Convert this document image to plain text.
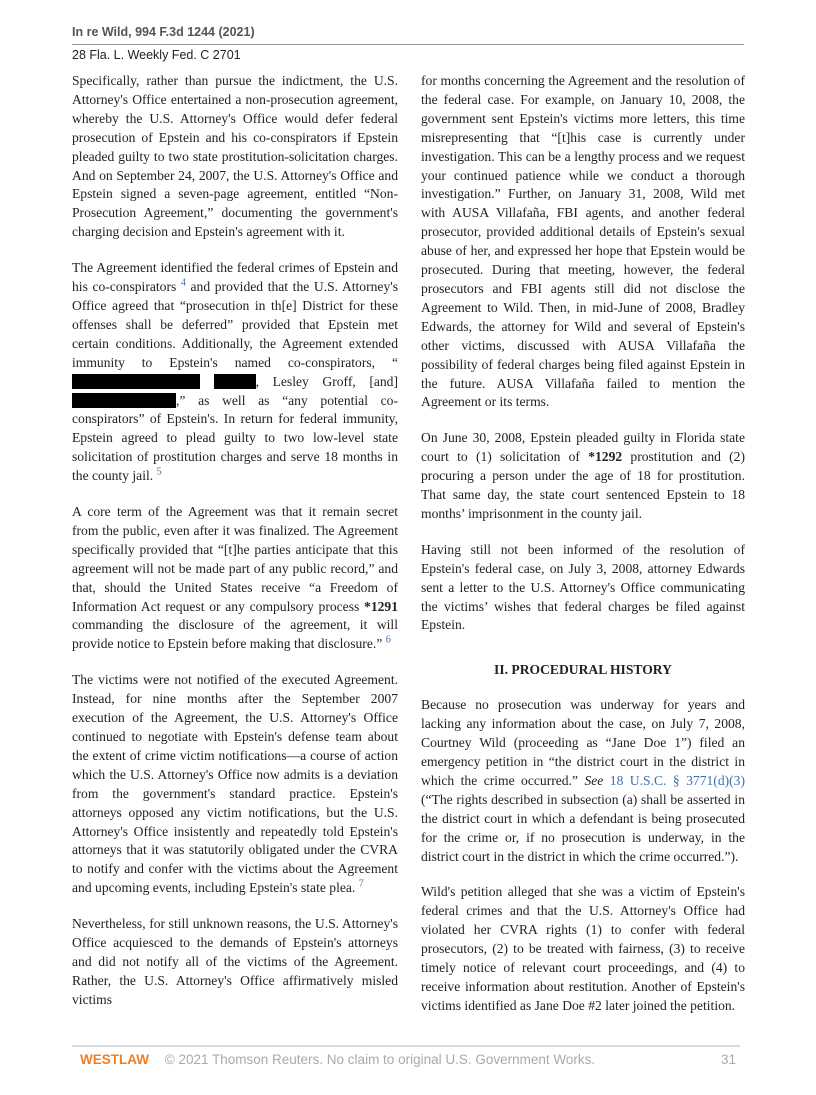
In re Wild, 994 F.3d 1244 (2021)
28 Fla. L. Weekly Fed. C 2701

Specifically, rather than pursue the indictment, the U.S. Attorney's Office entertained a non-prosecution agreement, whereby the U.S. Attorney's Office would defer federal prosecution of Epstein and his co-conspirators if Epstein pleaded guilty to two state prostitution-solicitation charges. And on September 24, 2007, the U.S. Attorney's Office and Epstein signed a seven-page agreement, entitled “Non-Prosecution Agreement,” documenting the government's charging decision and Epstein's agreement with it.

The Agreement identified the federal crimes of Epstein and his co-conspirators $^4$ and provided that the U.S. Attorney's Office agreed that “prosecution in th[e] District for these offenses shall be deferred” provided that Epstein met certain conditions. Additionally, the Agreement extended immunity to Epstein's named co-conspirators, “ , Lesley Groff, [and],” as well as “any potential co-conspirators” of Epstein's. In return for federal immunity, Epstein agreed to plead guilty to two low-level state solicitation of prostitution charges and serve 18 months in the county jail. $^5$

A core term of the Agreement was that it remain secret from the public, even after it was finalized. The Agreement specifically provided that “[t]he parties anticipate that this agreement will not be made part of any public record,” and that, should the United States receive “a Freedom of Information Act request or any compulsory process *1291 commanding the disclosure of the agreement, it will provide notice to Epstein before making that disclosure.” $^6$

The victims were not notified of the executed Agreement. Instead, for nine months after the September 2007 execution of the Agreement, the U.S. Attorney's Office continued to negotiate with Epstein's defense team about the extent of crime victim notifications—a course of action which the U.S. Attorney's Office now admits is a deviation from the government's standard practice. Epstein's attorneys opposed any victim notifications, but the U.S. Attorney's Office insistently and repeatedly told Epstein's attorneys that it was statutorily obligated under the CVRA to notify and confer with the victims about the Agreement and upcoming events, including Epstein's state plea. $^7$

Nevertheless, for still unknown reasons, the U.S. Attorney's Office acquiesced to the demands of Epstein's attorneys and did not notify all of the victims of the Agreement. Rather, the U.S. Attorney's Office affirmatively misled victims

for months concerning the Agreement and the resolution of the federal case. For example, on January 10, 2008, the government sent Epstein's victims more letters, this time misrepresenting that “[t]his case is currently under investigation. This can be a lengthy process and we request your continued patience while we conduct a thorough investigation.” Further, on January 31, 2008, Wild met with AUSA Villafaña, FBI agents, and another federal prosecutor, provided additional details of Epstein's sexual abuse of her, and expressed her hope that Epstein would be prosecuted. During that meeting, however, the federal prosecutors and FBI agents still did not disclose the Agreement to Wild. Then, in mid-June of 2008, Bradley Edwards, the attorney for Wild and several of Epstein's other victims, discussed with AUSA Villafaña the possibility of federal charges being filed against Epstein in the future. AUSA Villafaña failed to mention the Agreement or its terms.

On June 30, 2008, Epstein pleaded guilty in Florida state court to (1) solicitation of *1292 prostitution and (2) procuring a person under the age of 18 for prostitution. That same day, the state court sentenced Epstein to 18 months’ imprisonment in the county jail.

Having still not been informed of the resolution of Epstein's federal case, on July 3, 2008, attorney Edwards sent a letter to the U.S. Attorney's Office communicating the victims’ wishes that federal charges be filed against Epstein.

II. PROCEDURAL HISTORY

Because no prosecution was underway for years and lacking any information about the case, on July 7, 2008, Courtney Wild (proceeding as “Jane Doe 1”) filed an emergency petition in “the district court in the district in which the crime occurred.” See 18 U.S.C. § 3771(d)(3) (“The rights described in subsection (a) shall be asserted in the district court in which a defendant is being prosecuted for the crime or, if no prosecution is underway, in the district court in the district in which the crime occurred.”).

Wild's petition alleged that she was a victim of Epstein's federal crimes and that the U.S. Attorney's Office had violated her CVRA rights (1) to confer with federal prosecutors, (2) to be treated with fairness, (3) to receive timely notice of relevant court proceedings, and (4) to receive information about restitution. Another of Epstein's victims identified as Jane Doe #2 later joined the petition.

WESTLAW © 2021 Thomson Reuters. No claim to original U.S. Government Works.	31
